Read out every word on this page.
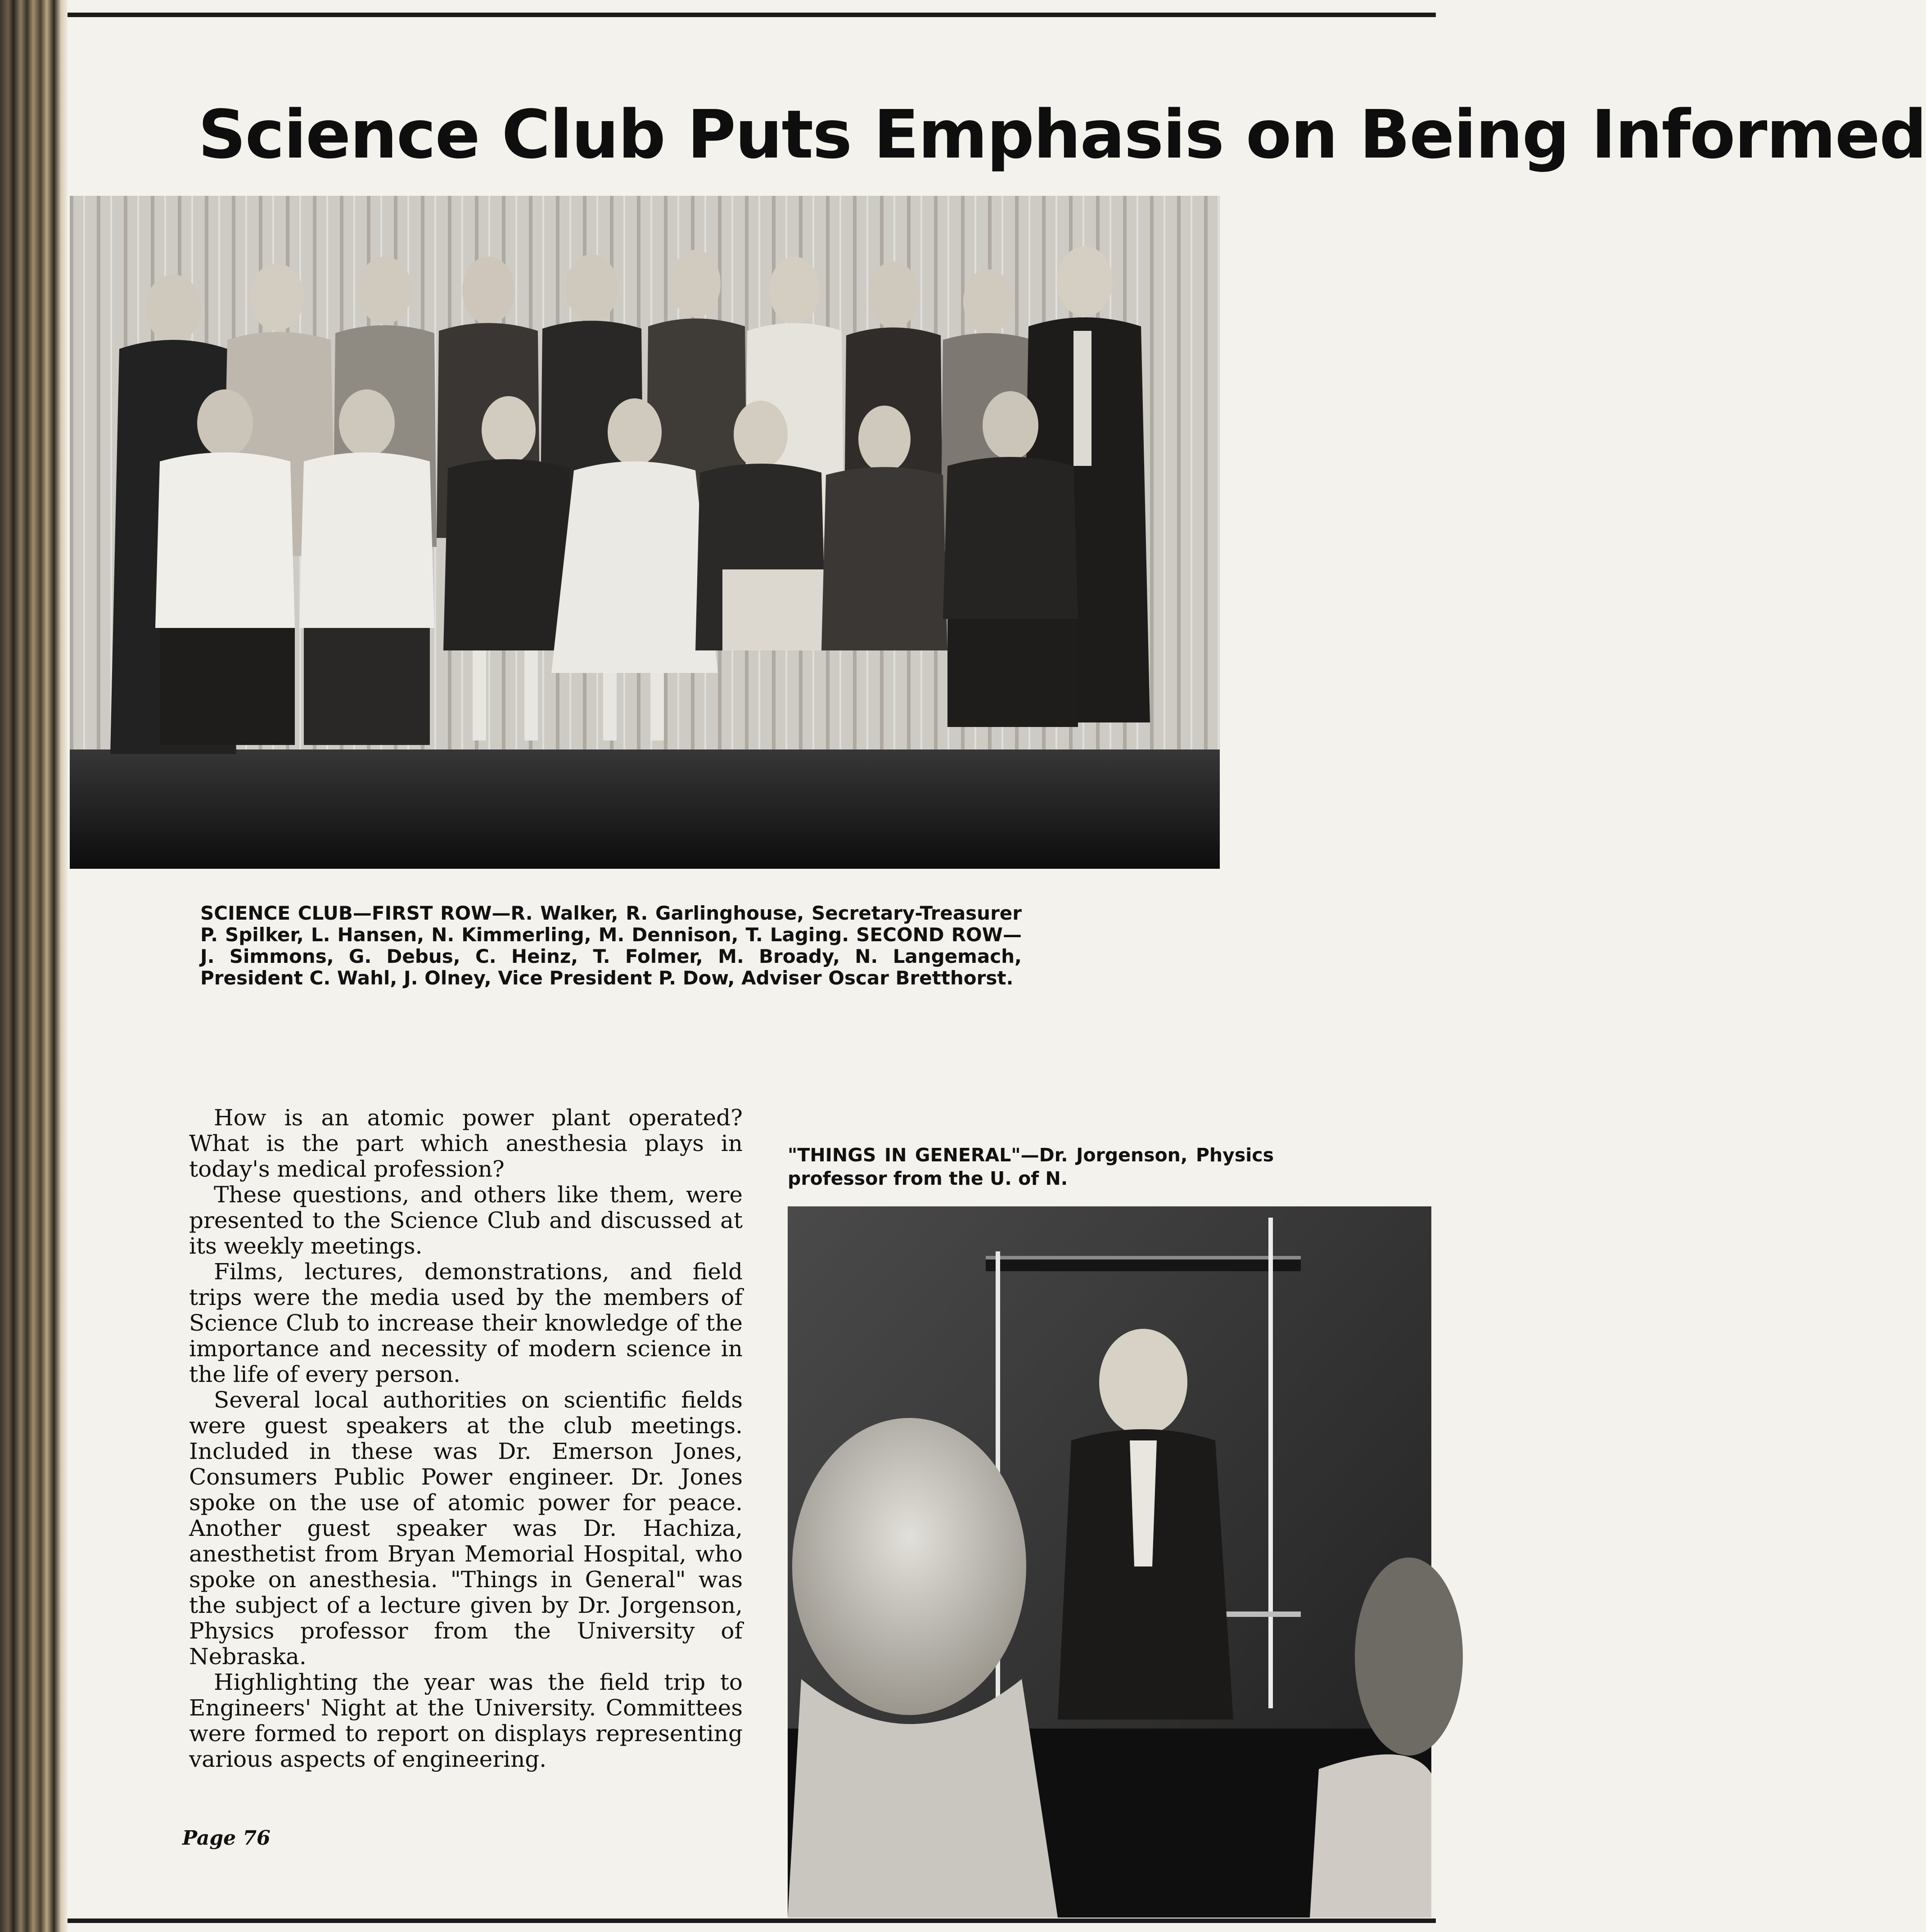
Science Club Puts Emphasis on Being Informed

SCIENCE CLUB—FIRST ROW—R. Walker, R. Garlinghouse, Secretary-Treasurer P. Spilker, L. Hansen, N. Kimmerling, M. Dennison, T. Laging. SECOND ROW—J. Simmons, G. Debus, C. Heinz, T. Folmer, M. Broady, N. Langemach, President C. Wahl, J. Olney, Vice President P. Dow, Adviser Oscar Bretthorst.

How is an atomic power plant operated? What is the part which anesthesia plays in today's medical profession?

These questions, and others like them, were presented to the Science Club and discussed at its weekly meetings.

Films, lectures, demonstrations, and field trips were the media used by the members of Science Club to increase their knowledge of the importance and necessity of modern science in the life of every person.

Several local authorities on scientific fields were guest speakers at the club meetings. Included in these was Dr. Emerson Jones, Consumers Public Power engineer. Dr. Jones spoke on the use of atomic power for peace. Another guest speaker was Dr. Hachiza, anesthetist from Bryan Memorial Hospital, who spoke on anesthesia. "Things in General" was the subject of a lecture given by Dr. Jorgenson, Physics professor from the University of Nebraska.

Highlighting the year was the field trip to Engineers' Night at the University. Committees were formed to report on displays representing various aspects of engineering.

"THINGS IN GENERAL"—Dr. Jorgenson, Physics professor from the U. of N.

Page 76
